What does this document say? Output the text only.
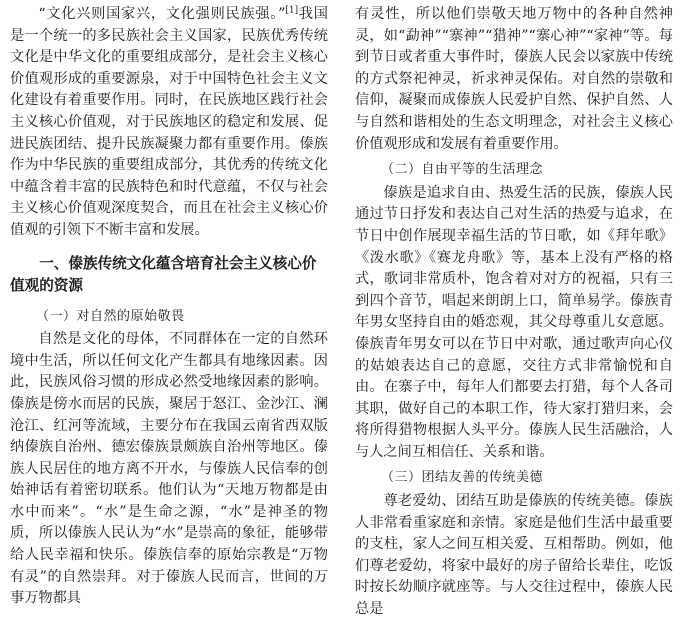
“文化兴则国家兴，文化强则民族强。”[1]我国是一个统一的多民族社会主义国家，民族优秀传统文化是中华文化的重要组成部分，是社会主义核心价值观形成的重要源泉，对于中国特色社会主义文化建设有着重要作用。同时，在民族地区践行社会主义核心价值观，对于民族地区的稳定和发展、促进民族团结、提升民族凝聚力都有重要作用。傣族作为中华民族的重要组成部分，其优秀的传统文化中蕴含着丰富的民族特色和时代意蕴，不仅与社会主义核心价值观深度契合，而且在社会主义核心价值观的引领下不断丰富和发展。

一、傣族传统文化蕴含培育社会主义核心价值观的资源
（一）对自然的原始敬畏

自然是文化的母体，不同群体在一定的自然环境中生活，所以任何文化产生都具有地缘因素。因此，民族风俗习惯的形成必然受地缘因素的影响。傣族是傍水而居的民族，聚居于怒江、金沙江、澜沧江、红河等流域，主要分布在我国云南省西双版纳傣族自治州、德宏傣族景颇族自治州等地区。傣族人民居住的地方离不开水，与傣族人民信奉的创始神话有着密切联系。他们认为“天地万物都是由水中而来”。“水”是生命之源，“水”是神圣的物质，所以傣族人民认为“水”是崇高的象征，能够带给人民幸福和快乐。傣族信奉的原始宗教是“万物有灵”的自然崇拜。对于傣族人民而言，世间的万事万物都具

有灵性，所以他们崇敬天地万物中的各种自然神灵，如“勐神”“寨神”“猎神”“寨心神”“家神”等。每到节日或者重大事件时，傣族人民会以家族中传统的方式祭祀神灵，祈求神灵保佑。对自然的崇敬和信仰，凝聚而成傣族人民爱护自然、保护自然、人与自然和谐相处的生态文明理念，对社会主义核心价值观形成和发展有着重要作用。

（二）自由平等的生活理念

傣族是追求自由、热爱生活的民族，傣族人民通过节日抒发和表达自己对生活的热爱与追求，在节日中创作展现幸福生活的节日歌，如《拜年歌》《泼水歌》《赛龙舟歌》等，基本上没有严格的格式，歌词非常质朴，饱含着对对方的祝福，只有三到四个音节，唱起来朗朗上口，简单易学。傣族青年男女坚持自由的婚恋观，其父母尊重儿女意愿。傣族青年男女可以在节日中对歌，通过歌声向心仪的姑娘表达自己的意愿，交往方式非常愉悦和自由。在寨子中，每年人们都要去打猎，每个人各司其职，做好自己的本职工作，待大家打猎归来，会将所得猎物根据人头平分。傣族人民生活融洽，人与人之间互相信任、关系和谐。

（三）团结友善的传统美德

尊老爱幼、团结互助是傣族的传统美德。傣族人非常看重家庭和亲情。家庭是他们生活中最重要的支柱，家人之间互相关爱、互相帮助。例如，他们尊老爱幼，将家中最好的房子留给长辈住，吃饭时按长幼顺序就座等。与人交往过程中，傣族人民总是
